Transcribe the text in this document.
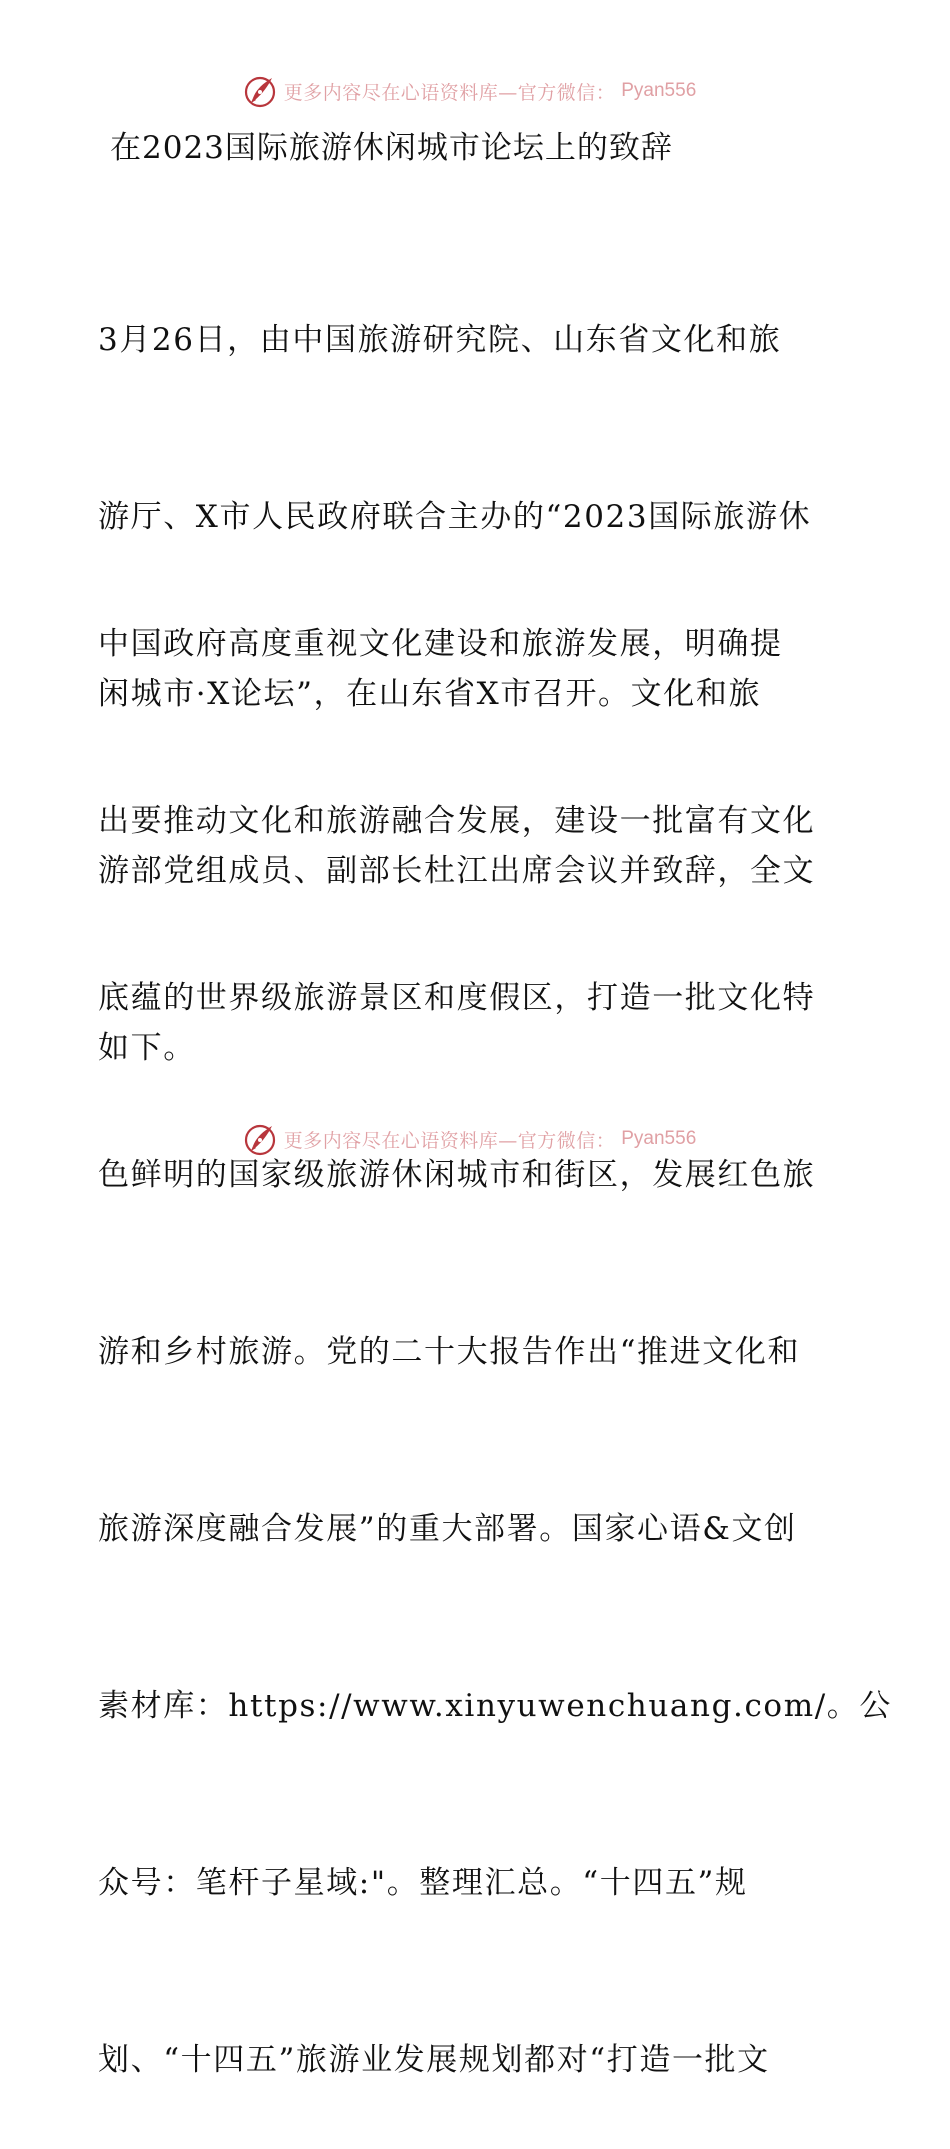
更多内容尽在心语资料库—官方微信： Pyan556
在2023国际旅游休闲城市论坛上的致辞

3月26日，由中国旅游研究院、山东省文化和旅

游厅、X市人民政府联合主办的“2023国际旅游休

闲城市·X论坛”，在山东省X市召开。文化和旅

游部党组成员、副部长杜江出席会议并致辞，全文

如下。

中国政府高度重视文化建设和旅游发展，明确提

出要推动文化和旅游融合发展，建设一批富有文化

底蕴的世界级旅游景区和度假区，打造一批文化特

色鲜明的国家级旅游休闲城市和街区，发展红色旅

游和乡村旅游。党的二十大报告作出“推进文化和

旅游深度融合发展”的重大部署。国家心语&文创

素材库：https://www.xinyuwenchuang.com/。公

众号：笔杆子星域:"。整理汇总。“十四五”规

划、“十四五”旅游业发展规划都对“打造一批文

更多内容尽在心语资料库—官方微信： Pyan556
